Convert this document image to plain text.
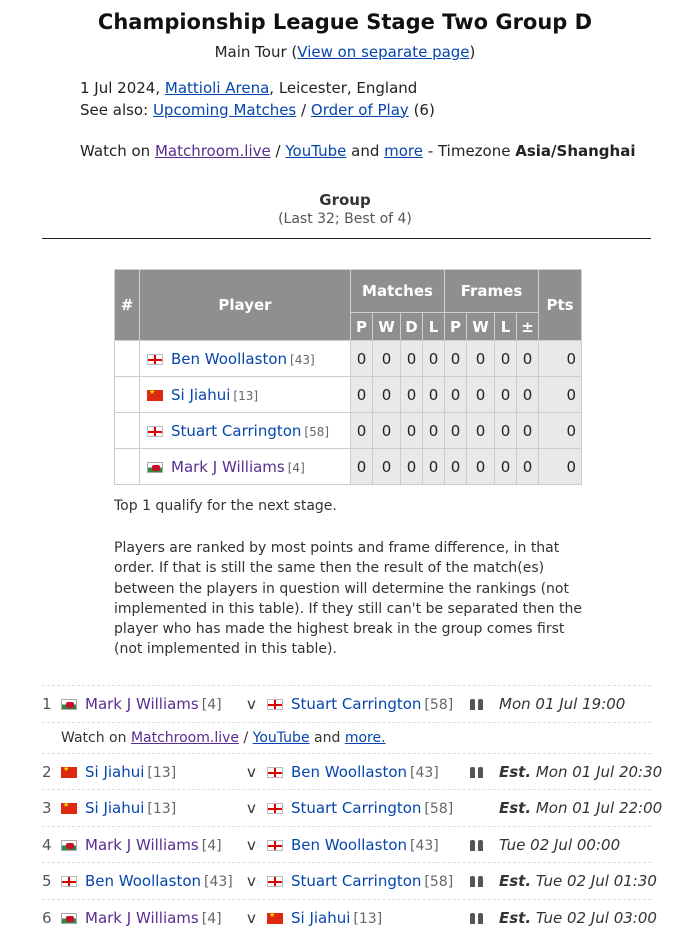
Championship League Stage Two Group D
Main Tour (View on separate page)
1 Jul 2024, Mattioli Arena, Leicester, England
See also: Upcoming Matches / Order of Play (6)
Watch on Matchroom.live / YouTube and more - Timezone Asia/Shanghai
Group
(Last 32; Best of 4)
#	Player	Matches				Frames				Pts
		P	W	D	L	P	W	L	±	
	Ben Woollaston [43]	0	0	0	0	0	0	0	0	0
	★Si Jiahui [13]	0	0	0	0	0	0	0	0	0
	Stuart Carrington [58]	0	0	0	0	0	0	0	0	0
	Mark J Williams [4]	0	0	0	0	0	0	0	0	0
Top 1 qualify for the next stage.
Players are ranked by most points and frame difference, in that order. If that is still the same then the result of the match(es) between the players in question will determine the rankings (not implemented in this table). If they still can't be separated then the player who has made the highest break in the group comes first (not implemented in this table).
1	Mark J Williams [4] v	Stuart Carrington [58]	Mon 01 Jul 19:00
Watch on Matchroom.live / YouTube and more.
2 ★	Si Jiahui [13]	v	Ben Woollaston [43]	Est. Mon 01 Jul 20:30
3 ★	Si Jiahui [13]	v	Stuart Carrington [58]	Est. Mon 01 Jul 22:00
4	Mark J Williams [4] v	Ben Woollaston [43]	Tue 02 Jul 00:00
5	Ben Woollaston [43] v	Stuart Carrington [58]	Est. Tue 02 Jul 01:30
6	Mark J Williams [4] v ★	Si Jiahui [13]	Est. Tue 02 Jul 03:00
